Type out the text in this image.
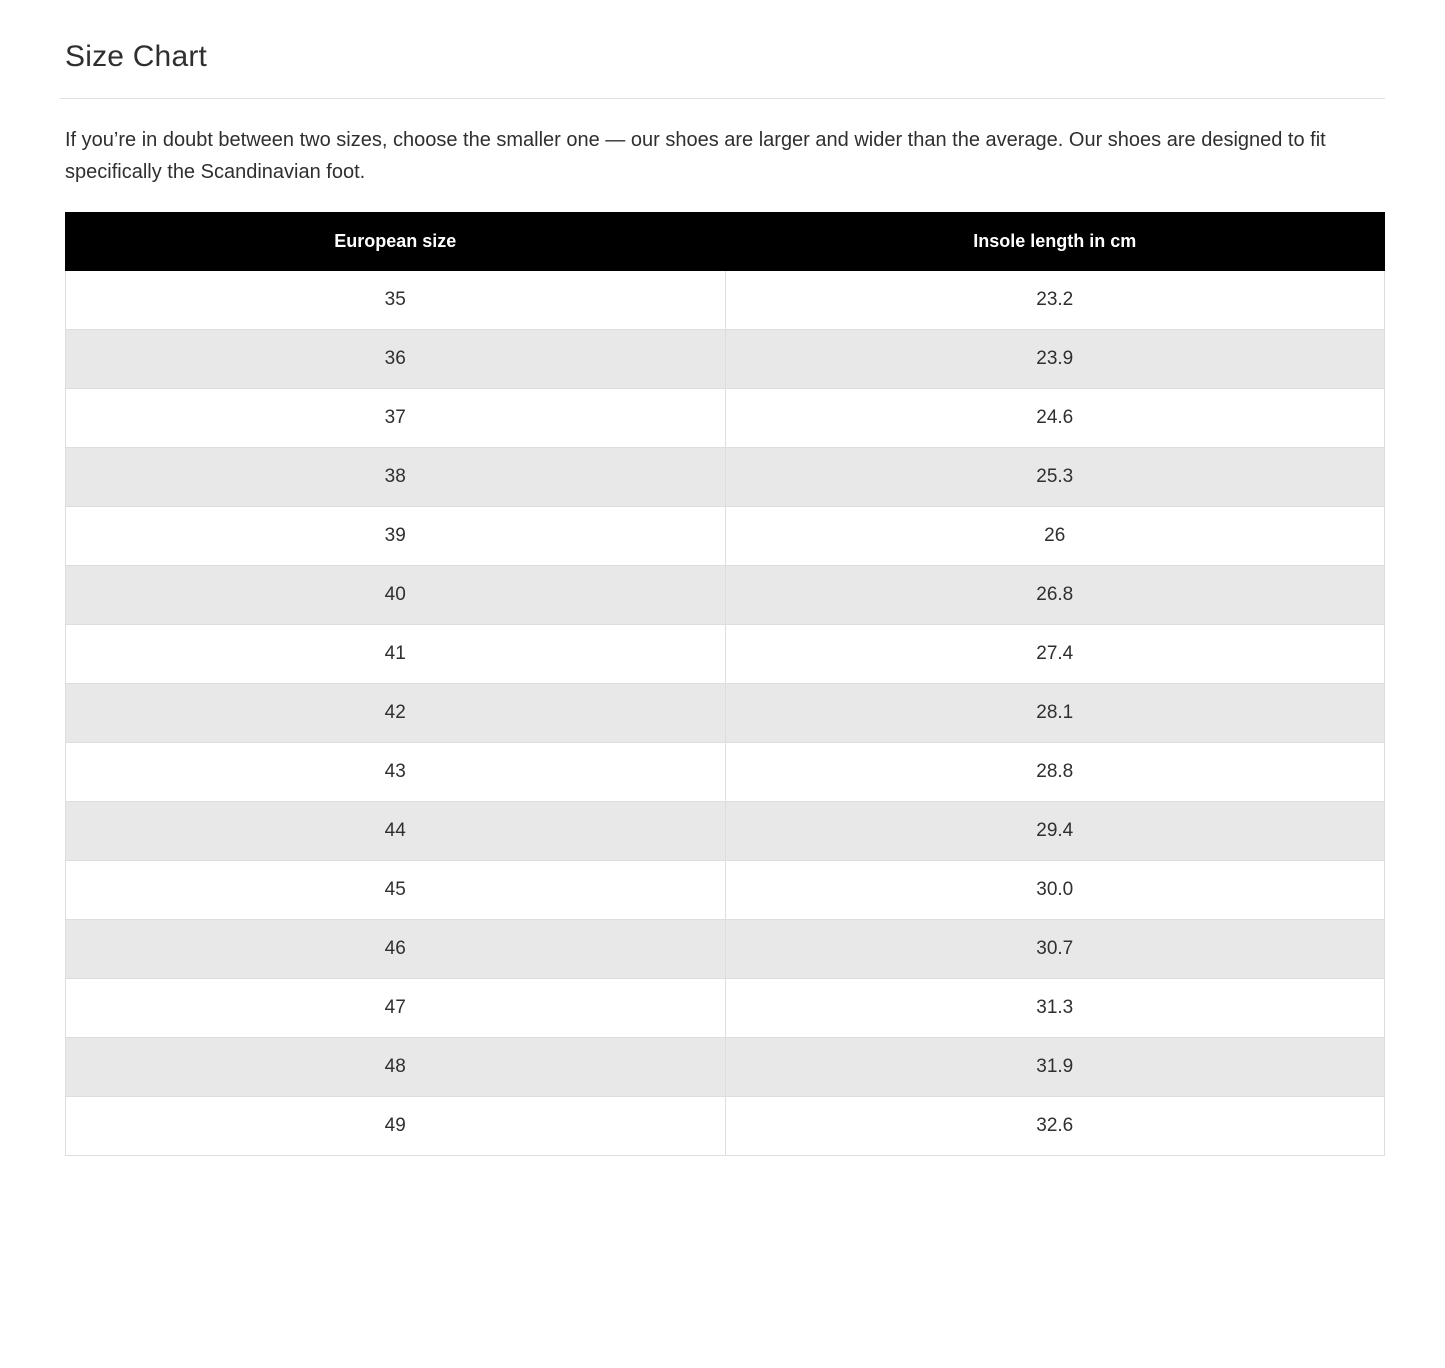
Size Chart

If you’re in doubt between two sizes, choose the smaller one — our shoes are larger and wider than the average. Our shoes are designed to fit specifically the Scandinavian foot.

European size	Insole length in cm
35	23.2
36	23.9
37	24.6
38	25.3
39	26
40	26.8
41	27.4
42	28.1
43	28.8
44	29.4
45	30.0
46	30.7
47	31.3
48	31.9
49	32.6
